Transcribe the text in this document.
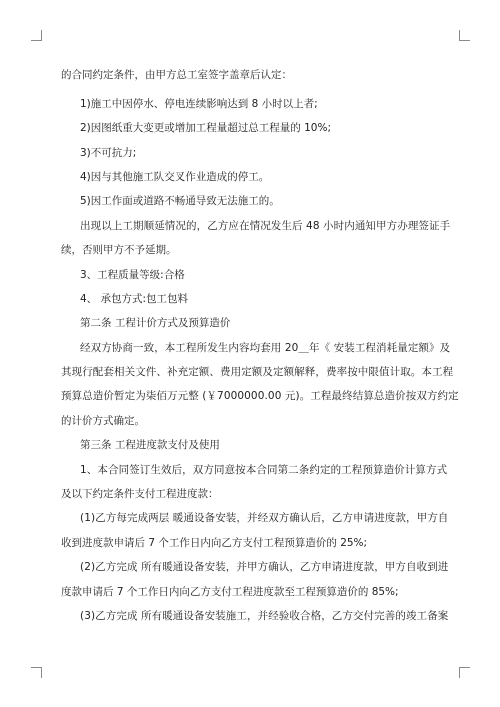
的合同约定条件，由甲方总工室签字盖章后认定：

1)施工中因停水、停电连续影响达到 8 小时以上者;

2)因图纸重大变更或增加工程量超过总工程量的 10%;

3)不可抗力;

4)因与其他施工队交叉作业造成的停工。

5)因工作面或道路不畅通导致无法施工的。

出现以上工期顺延情况的，乙方应在情况发生后 48 小时内通知甲方办理签证手

续，否则甲方不予延期。

3、工程质量等级:合格

4、 承包方式:包工包料

第二条 工程计价方式及预算造价

经双方协商一致，本工程所发生内容均套用 20＿年《 安装工程消耗量定额》及

其现行配套相关文件、补充定额、费用定额及定额解释，费率按中限值计取。本工程

预算总造价暂定为柒佰万元整 (￥7000000.00 元)。工程最终结算总造价按双方约定

的计价方式确定。

第三条 工程进度款支付及使用

1、本合同签订生效后，双方同意按本合同第二条约定的工程预算造价计算方式

及以下约定条件支付工程进度款：

(1)乙方每完成两层 暖通设备安装，并经双方确认后，乙方申请进度款，甲方自

收到进度款申请后 7 个工作日内向乙方支付工程预算造价的 25%;

(2)乙方完成 所有暖通设备安装，并甲方确认，乙方申请进度款，甲方自收到进

度款申请后 7 个工作日内向乙方支付工程进度款至工程预算造价的 85%;

(3)乙方完成 所有暖通设备安装施工，并经验收合格，乙方交付完善的竣工备案
